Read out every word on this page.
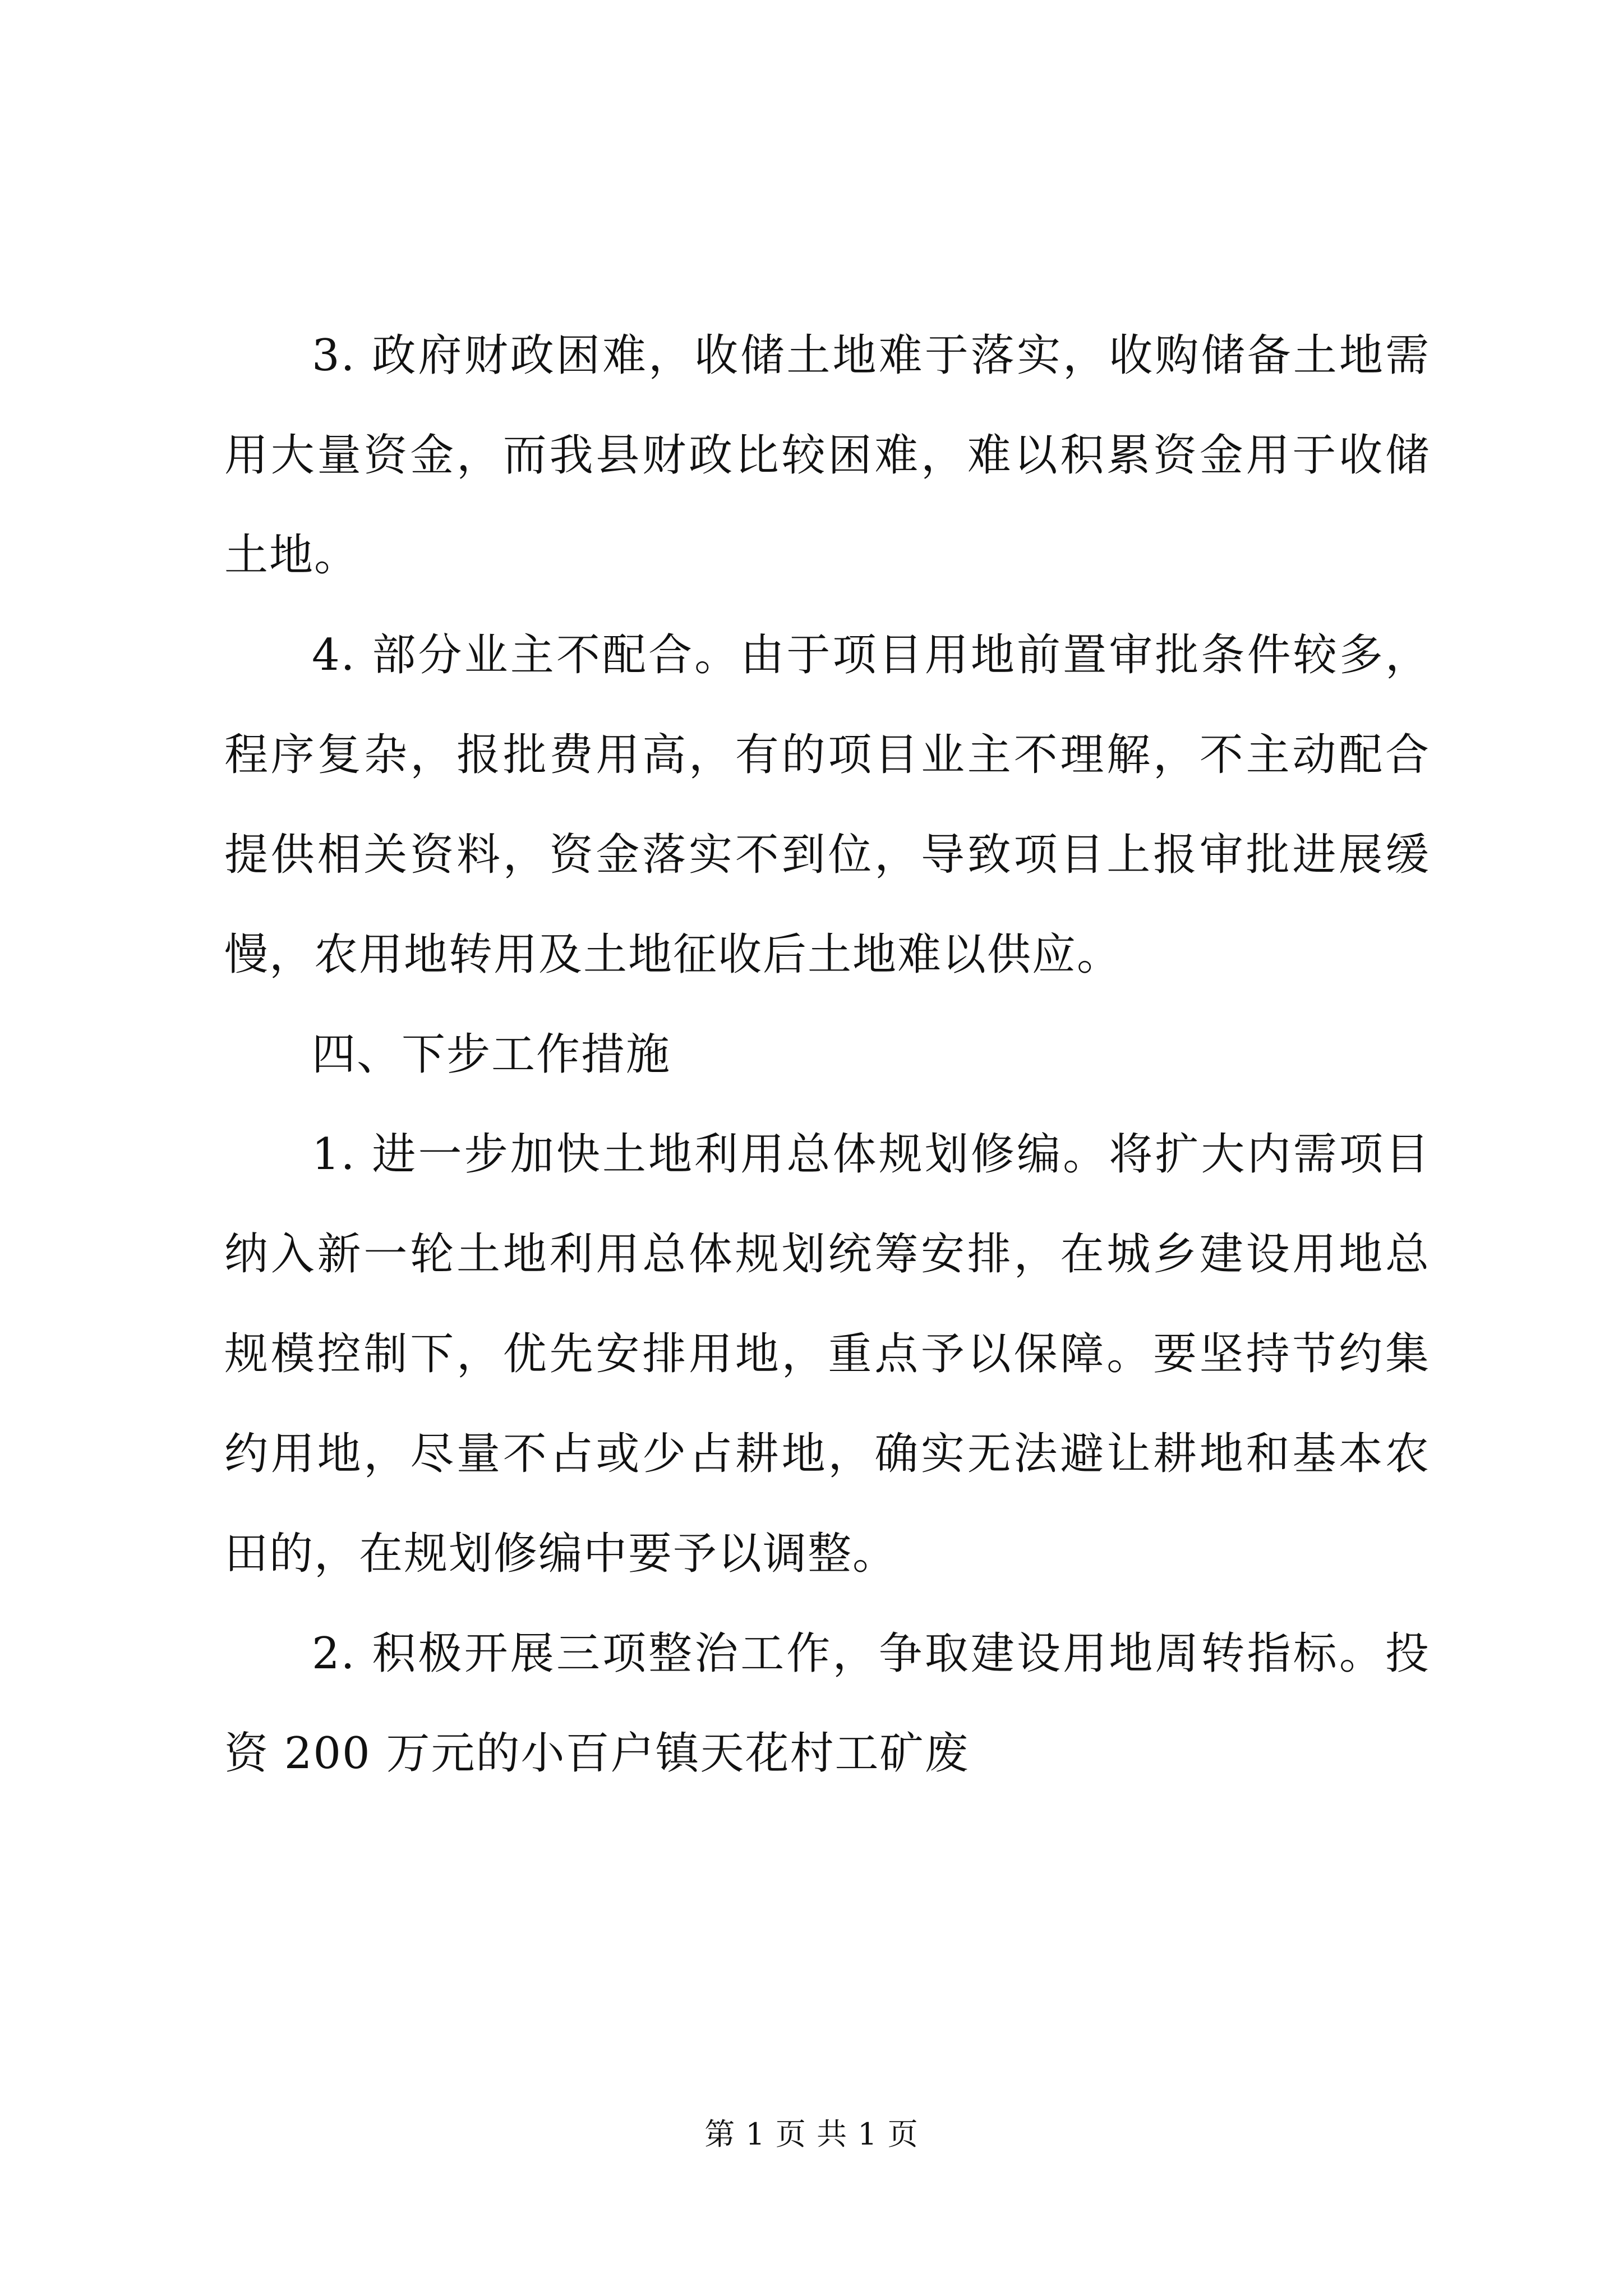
3. 政府财政困难，收储土地难于落实，收购储备土地需用大量资金，而我县财政比较困难，难以积累资金用于收储土地。

4. 部分业主不配合。由于项目用地前置审批条件较多，程序复杂，报批费用高，有的项目业主不理解，不主动配合提供相关资料，资金落实不到位，导致项目上报审批进展缓慢，农用地转用及土地征收后土地难以供应。

四、下步工作措施

1. 进一步加快土地利用总体规划修编。将扩大内需项目纳入新一轮土地利用总体规划统筹安排，在城乡建设用地总规模控制下，优先安排用地，重点予以保障。要坚持节约集约用地，尽量不占或少占耕地，确实无法避让耕地和基本农田的，在规划修编中要予以调整。

2. 积极开展三项整治工作，争取建设用地周转指标。投资 200 万元的小百户镇天花村工矿废

第 1 页 共 1 页
